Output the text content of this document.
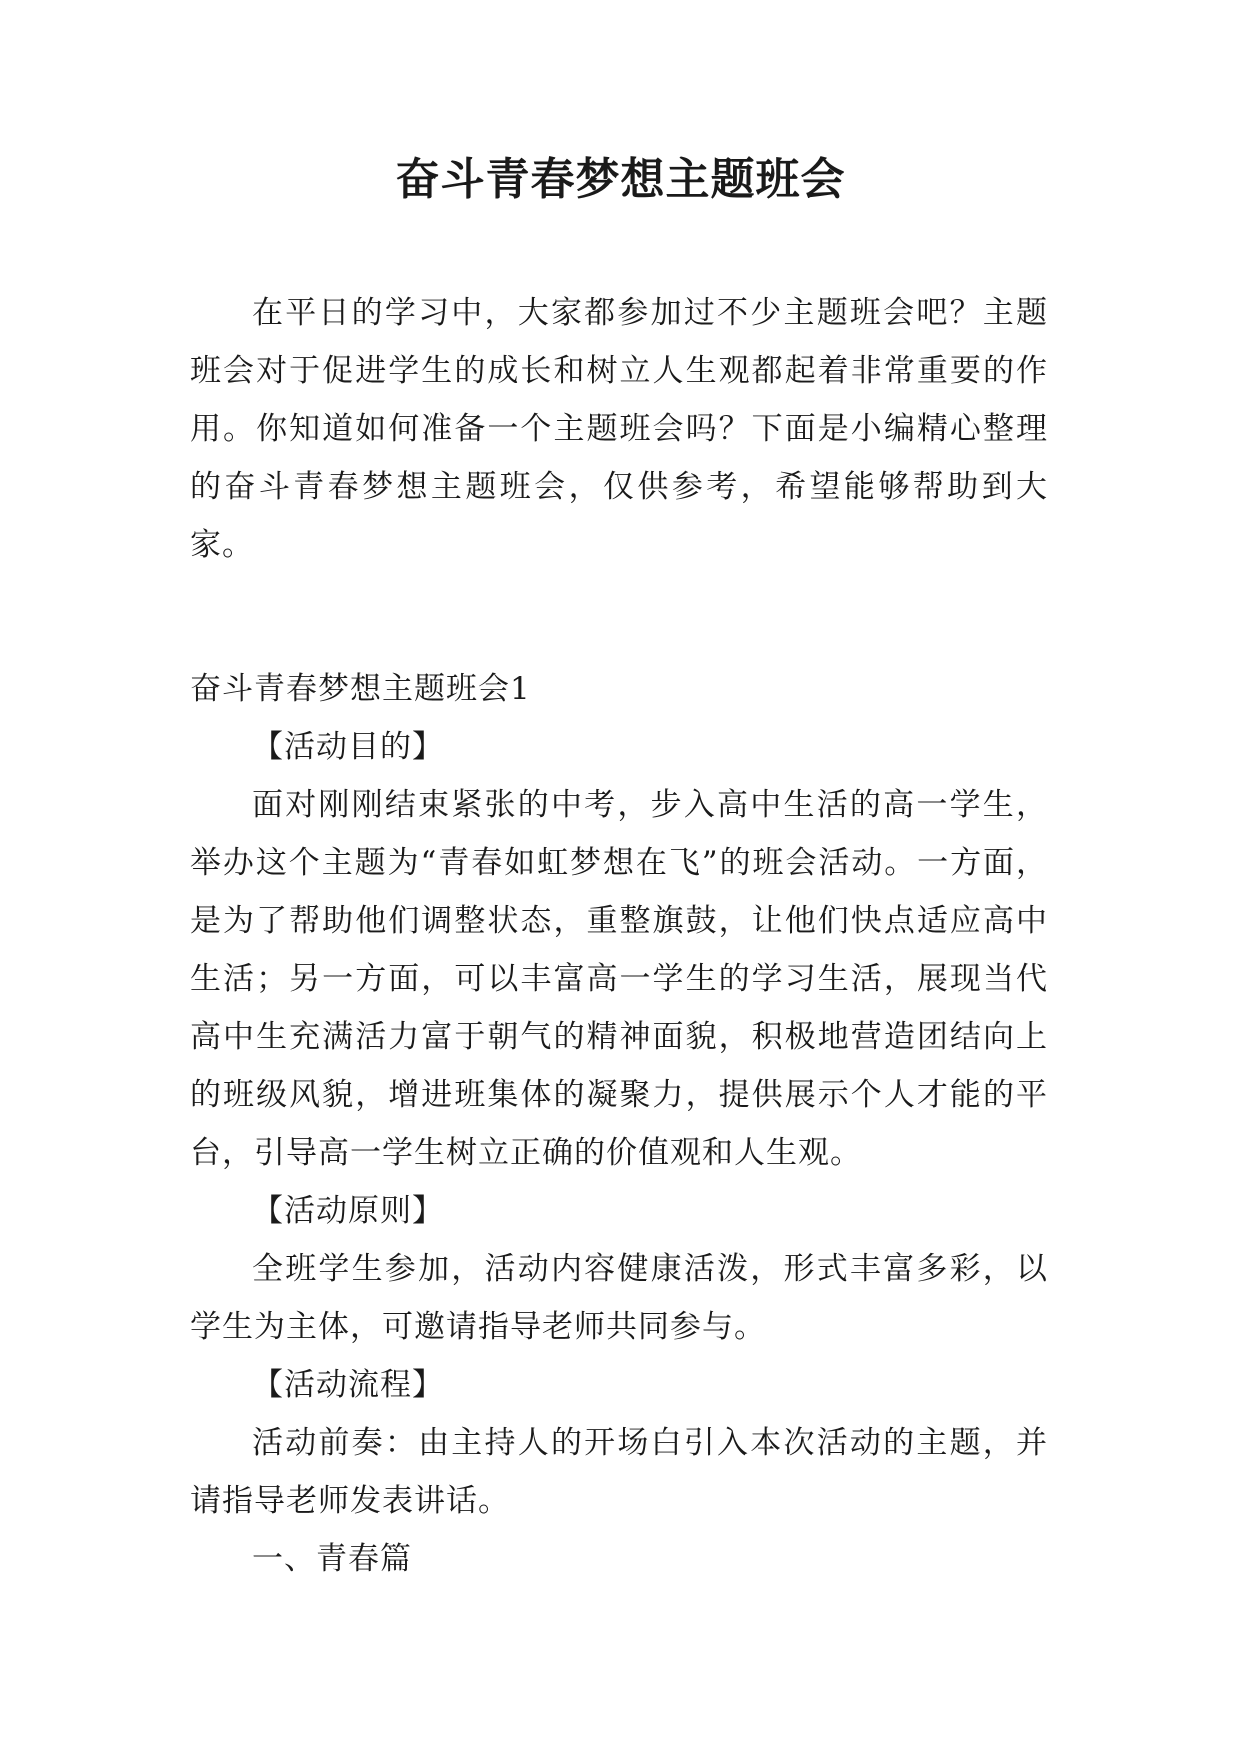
奋斗青春梦想主题班会

在平日的学习中，大家都参加过不少主题班会吧？主题班会对于促进学生的成长和树立人生观都起着非常重要的作用。你知道如何准备一个主题班会吗？下面是小编精心整理的奋斗青春梦想主题班会，仅供参考，希望能够帮助到大家。

奋斗青春梦想主题班会1

【活动目的】

面对刚刚结束紧张的中考，步入高中生活的高一学生，举办这个主题为“青春如虹梦想在飞”的班会活动。一方面，是为了帮助他们调整状态，重整旗鼓，让他们快点适应高中生活；另一方面，可以丰富高一学生的学习生活，展现当代高中生充满活力富于朝气的精神面貌，积极地营造团结向上的班级风貌，增进班集体的凝聚力，提供展示个人才能的平台，引导高一学生树立正确的价值观和人生观。

【活动原则】

全班学生参加，活动内容健康活泼，形式丰富多彩，以学生为主体，可邀请指导老师共同参与。

【活动流程】

活动前奏：由主持人的开场白引入本次活动的主题，并请指导老师发表讲话。

一、青春篇
